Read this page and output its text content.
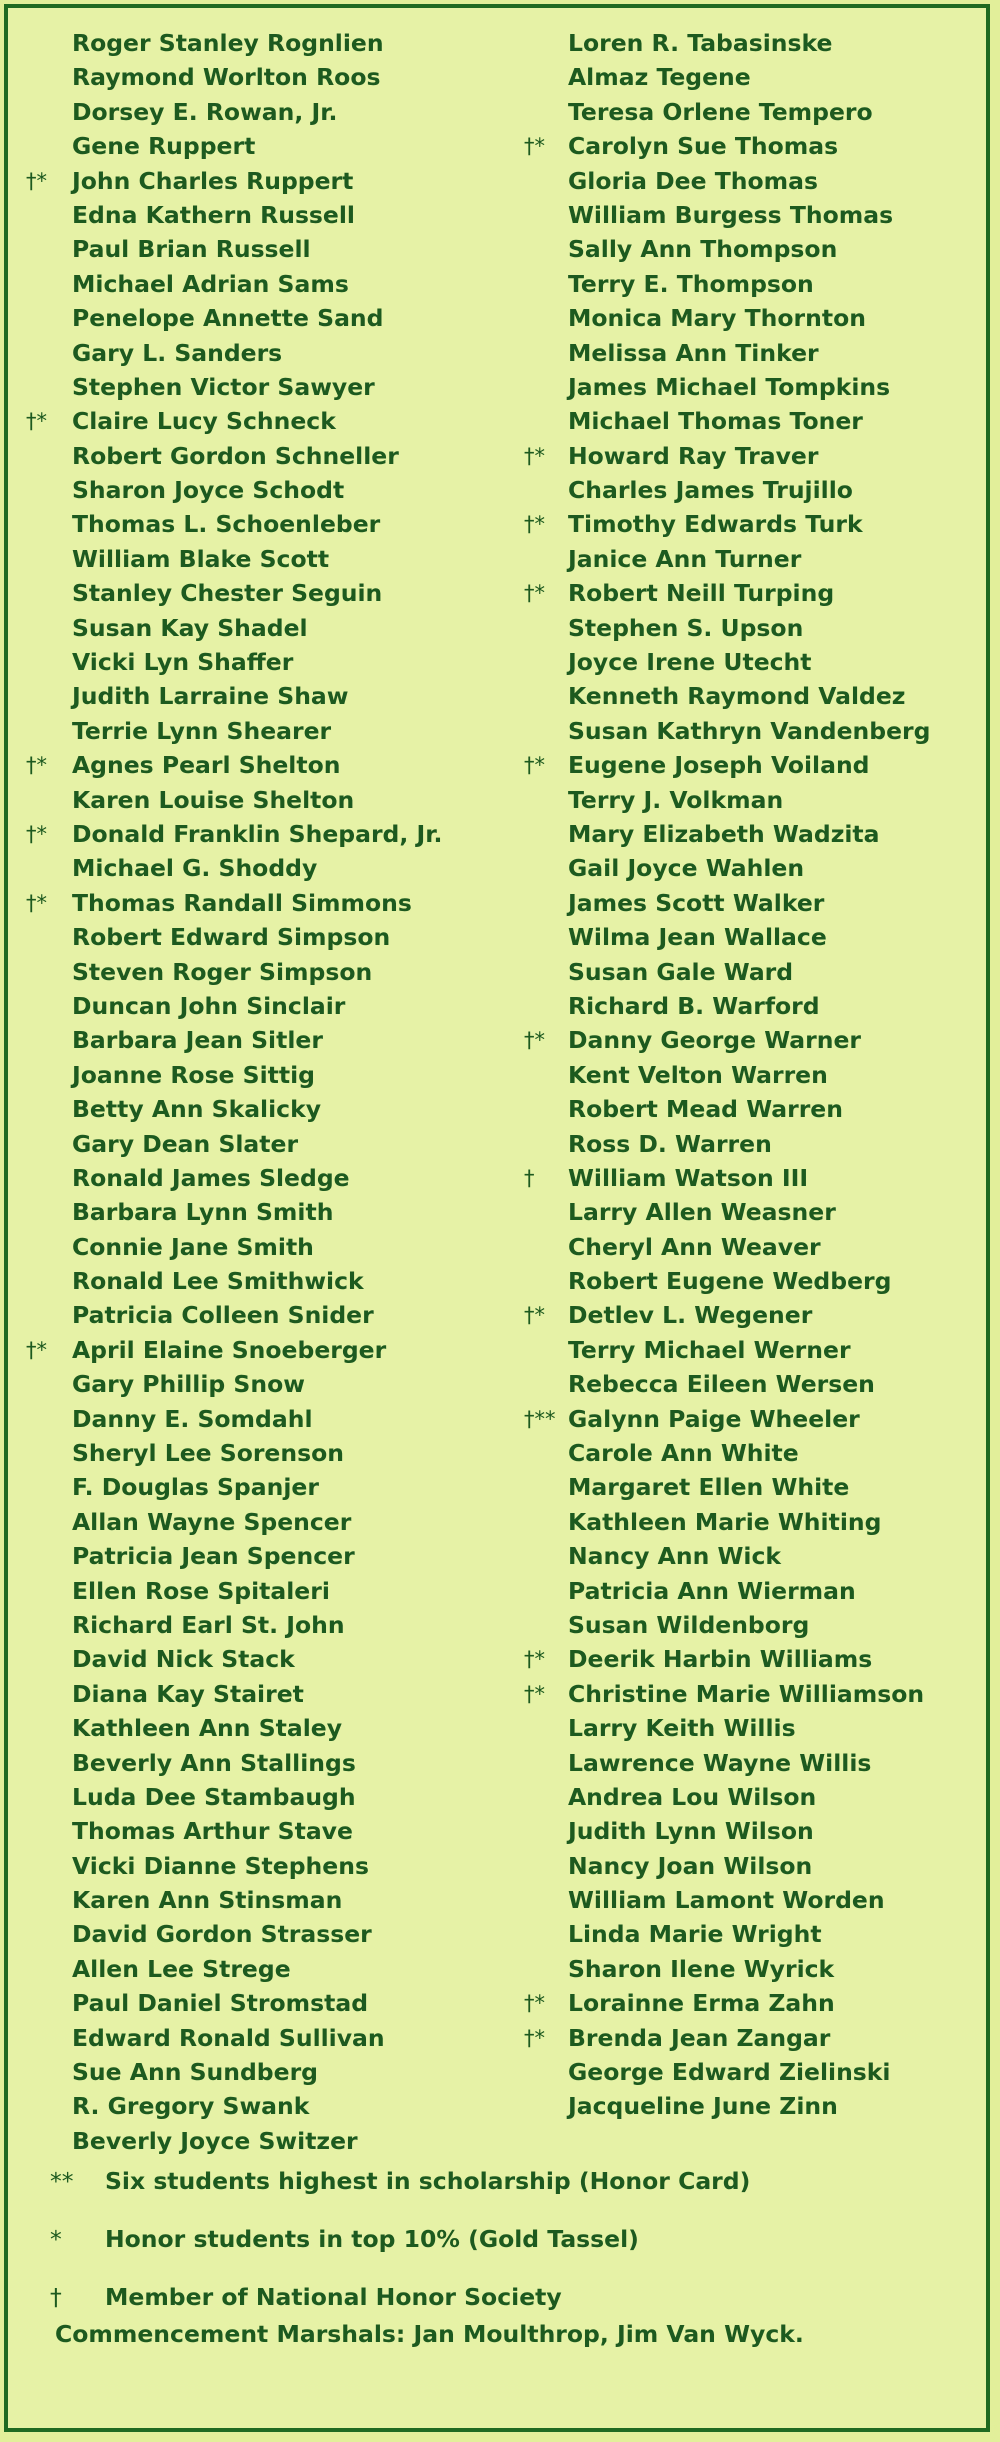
Roger Stanley Rognlien
Raymond Worlton Roos
Dorsey E. Rowan, Jr.
Gene Ruppert
†*	John Charles Ruppert
Edna Kathern Russell
Paul Brian Russell
Michael Adrian Sams
Penelope Annette Sand
Gary L. Sanders
Stephen Victor Sawyer
†*	Claire Lucy Schneck
Robert Gordon Schneller
Sharon Joyce Schodt
Thomas L. Schoenleber
William Blake Scott
Stanley Chester Seguin
Susan Kay Shadel
Vicki Lyn Shaffer
Judith Larraine Shaw
Terrie Lynn Shearer
†*	Agnes Pearl Shelton
Karen Louise Shelton
†*	Donald Franklin Shepard, Jr.
Michael G. Shoddy
†*	Thomas Randall Simmons
Robert Edward Simpson
Steven Roger Simpson
Duncan John Sinclair
Barbara Jean Sitler
Joanne Rose Sittig
Betty Ann Skalicky
Gary Dean Slater
Ronald James Sledge
Barbara Lynn Smith
Connie Jane Smith
Ronald Lee Smithwick
Patricia Colleen Snider
†*	April Elaine Snoeberger
Gary Phillip Snow
Danny E. Somdahl
Sheryl Lee Sorenson
F. Douglas Spanjer
Allan Wayne Spencer
Patricia Jean Spencer
Ellen Rose Spitaleri
Richard Earl St. John
David Nick Stack
Diana Kay Stairet
Kathleen Ann Staley
Beverly Ann Stallings
Luda Dee Stambaugh
Thomas Arthur Stave
Vicki Dianne Stephens
Karen Ann Stinsman
David Gordon Strasser
Allen Lee Strege
Paul Daniel Stromstad
Edward Ronald Sullivan
Sue Ann Sundberg
R. Gregory Swank
Beverly Joyce Switzer
Loren R. Tabasinske
Almaz Tegene
Teresa Orlene Tempero
†* Carolyn Sue Thomas
Gloria Dee Thomas
William Burgess Thomas
Sally Ann Thompson
Terry E. Thompson
Monica Mary Thornton
Melissa Ann Tinker
James Michael Tompkins
Michael Thomas Toner
†* Howard Ray Traver
Charles James Trujillo
†* Timothy Edwards Turk
Janice Ann Turner
†* Robert Neill Turping
Stephen S. Upson
Joyce Irene Utecht
Kenneth Raymond Valdez
Susan Kathryn Vandenberg
†* Eugene Joseph Voiland
Terry J. Volkman
Mary Elizabeth Wadzita
Gail Joyce Wahlen
James Scott Walker
Wilma Jean Wallace
Susan Gale Ward
Richard B. Warford
†* Danny George Warner
Kent Velton Warren
Robert Mead Warren
Ross D. Warren
†	William Watson III
Larry Allen Weasner
Cheryl Ann Weaver
Robert Eugene Wedberg
†* Detlev L. Wegener
Terry Michael Werner
Rebecca Eileen Wersen
†** Galynn Paige Wheeler
Carole Ann White
Margaret Ellen White
Kathleen Marie Whiting
Nancy Ann Wick
Patricia Ann Wierman
Susan Wildenborg
†* Deerik Harbin Williams
†* Christine Marie Williamson
Larry Keith Willis
Lawrence Wayne Willis
Andrea Lou Wilson
Judith Lynn Wilson
Nancy Joan Wilson
William Lamont Worden
Linda Marie Wright
Sharon Ilene Wyrick
†* Lorainne Erma Zahn
†* Brenda Jean Zangar
George Edward Zielinski
Jacqueline June Zinn
**	Six students highest in scholarship (Honor Card)
*	Honor students in top 10% (Gold Tassel)
†	Member of National Honor Society
Commencement Marshals: Jan Moulthrop, Jim Van Wyck.
